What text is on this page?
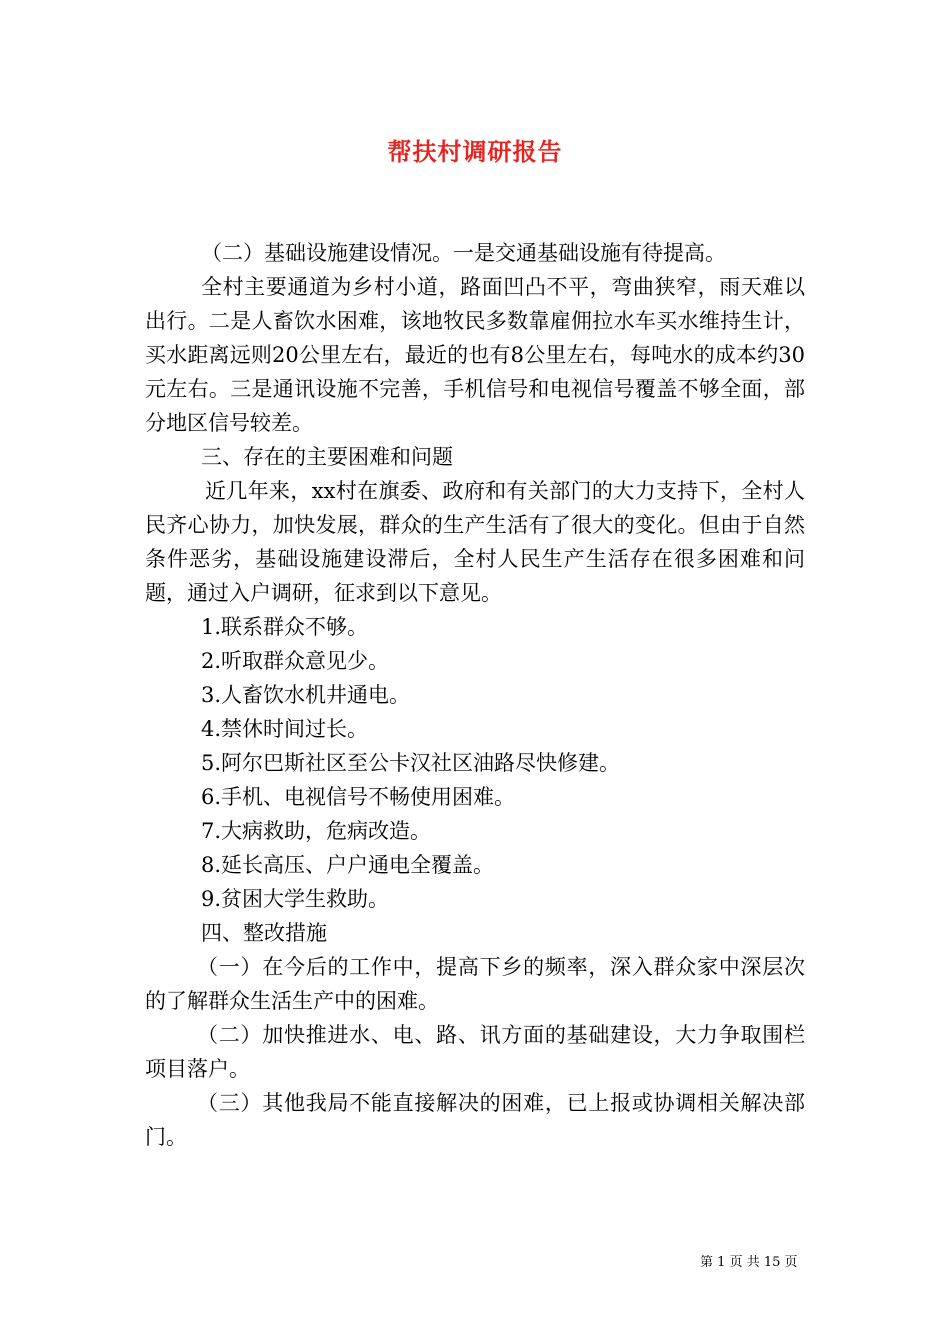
帮扶村调研报告

（二）基础设施建设情况。一是交通基础设施有待提高。

全村主要通道为乡村小道，路面凹凸不平，弯曲狭窄，雨天难以出行。二是人畜饮水困难，该地牧民多数靠雇佣拉水车买水维持生计，买水距离远则20公里左右，最近的也有8公里左右，每吨水的成本约30元左右。三是通讯设施不完善，手机信号和电视信号覆盖不够全面，部分地区信号较差。

三、存在的主要困难和问题

近几年来，xx村在旗委、政府和有关部门的大力支持下，全村人民齐心协力，加快发展，群众的生产生活有了很大的变化。但由于自然条件恶劣，基础设施建设滞后，全村人民生产生活存在很多困难和问题，通过入户调研，征求到以下意见。

1.联系群众不够。

2.听取群众意见少。

3.人畜饮水机井通电。

4.禁休时间过长。

5.阿尔巴斯社区至公卡汉社区油路尽快修建。

6.手机、电视信号不畅使用困难。

7.大病救助，危病改造。

8.延长高压、户户通电全覆盖。

9.贫困大学生救助。

四、整改措施

（一）在今后的工作中，提高下乡的频率，深入群众家中深层次的了解群众生活生产中的困难。

（二）加快推进水、电、路、讯方面的基础建设，大力争取围栏项目落户。

（三）其他我局不能直接解决的困难，已上报或协调相关解决部门。

第 1 页 共 15 页
